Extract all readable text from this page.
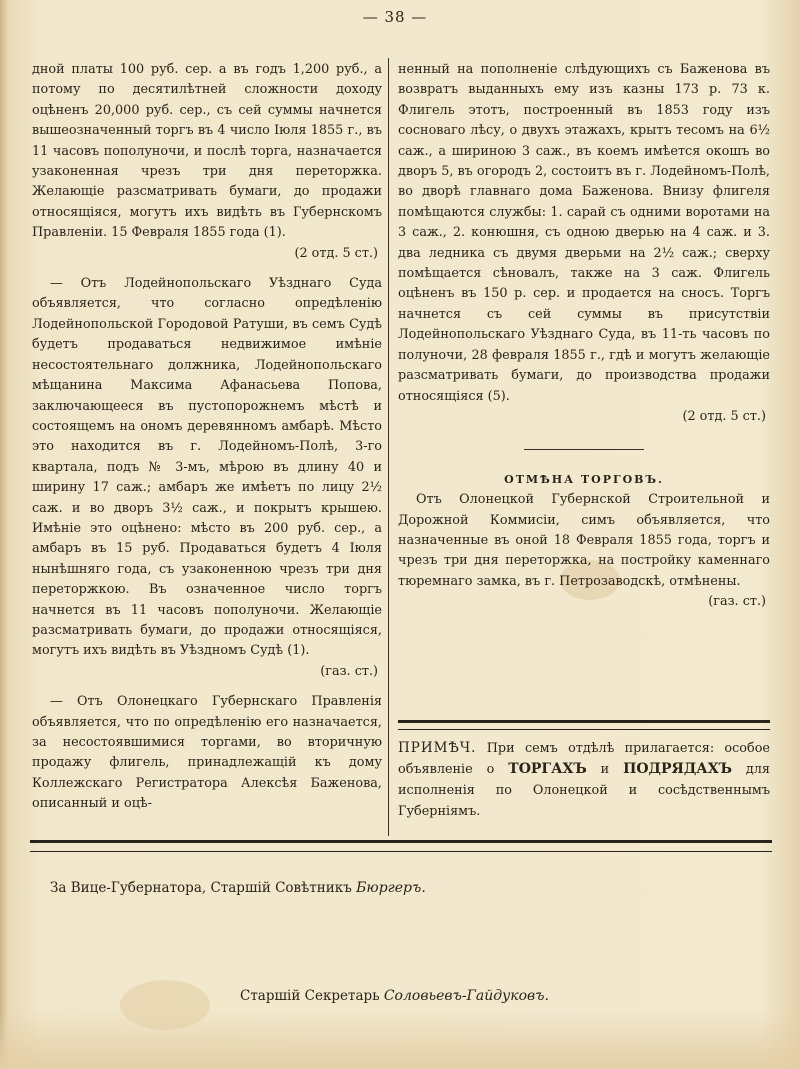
— 38 —

дной платы 100 руб. сер. а въ годъ 1,200 руб., а потому по десятилѣтней сложности доходу оцѣненъ 20,000 руб. сер., съ сей суммы начнется вышеозначенный торгъ въ 4 число Іюля 1855 г., въ 11 часовъ пополуночи, и послѣ торга, назначается узаконенная чрезъ три дня переторжка. Желающіе разсматривать бумаги, до продажи относящіяся, могутъ ихъ видѣть въ Губернскомъ Правленіи. 15 Февраля 1855 года (1).

(2 отд. 5 ст.)

— Отъ Лодейнопольскаго Уѣзднаго Суда объявляется, что согласно опредѣленію Лодейнопольской Городовой Ратуши, въ семъ Судѣ будетъ продаваться недвижимое имѣніе несостоятельнаго должника, Лодейнопольскаго мѣщанина Максима Афанасьева Попова, заключающееся въ пустопорожнемъ мѣстѣ и состоящемъ на ономъ деревянномъ амбарѣ. Мѣсто это находится въ г. Лодейномъ-Полѣ, 3-го квартала, подъ № 3-мъ, мѣрою въ длину 40 и ширину 17 саж.; амбаръ же имѣетъ по лицу 2½ саж. и во дворъ 3½ саж., и покрытъ крышею. Имѣніе это оцѣнено: мѣсто въ 200 руб. сер., а амбаръ въ 15 руб. Продаваться будетъ 4 Іюля нынѣшняго года, съ узаконенною чрезъ три дня переторжкою. Въ означенное число торгъ начнется въ 11 часовъ пополуночи. Желающіе разсматривать бумаги, до продажи относящіяся, могутъ ихъ видѣть въ Уѣздномъ Судѣ (1).

(газ. ст.)

— Отъ Олонецкаго Губернскаго Правленія объявляется, что по опредѣленію его назначается, за несостоявшимися торгами, во вторичную продажу флигель, принадлежащій къ дому Коллежскаго Регистратора Алексѣя Баженова, описанный и оцѣ-

ненный на пополненіе слѣдующихъ съ Баженова въ возвратъ выданныхъ ему изъ казны 173 р. 73 к. Флигель этотъ, построенный въ 1853 году изъ сосноваго лѣсу, о двухъ этажахъ, крытъ тесомъ на 6½ саж., а шириною 3 саж., въ коемъ имѣется окошъ во дворъ 5, въ огородъ 2, состоитъ въ г. Лодейномъ-Полѣ, во дворѣ главнаго дома Баженова. Внизу флигеля помѣщаются службы: 1. сарай съ одними воротами на 3 саж., 2. конюшня, съ одною дверью на 4 саж. и 3. два ледника съ двумя дверьми на 2½ саж.; сверху помѣщается сѣновалъ, также на 3 саж. Флигель оцѣненъ въ 150 р. сер. и продается на сносъ. Торгъ начнется съ сей суммы въ присутствіи Лодейнопольскаго Уѣзднаго Суда, въ 11-ть часовъ по полуночи, 28 февраля 1855 г., гдѣ и могутъ желающіе разсматривать бумаги, до производства продажи относящіяся (5).

(2 отд. 5 ст.)

ОТМѢНА ТОРГОВЪ.

Отъ Олонецкой Губернской Строительной и Дорожной Коммисіи, симъ объявляется, что назначенные въ оной 18 Февраля 1855 года, торгъ и чрезъ три дня переторжка, на постройку каменнаго тюремнаго замка, въ г. Петрозаводскѣ, отмѣнены.

(газ. ст.)

ПРИМѢЧ. При семъ отдѣлѣ прилагается: особое объявленіе о ТОРГАХЪ и ПОДРЯДАХЪ для исполненія по Олонецкой и сосѣдственнымъ Губерніямъ.
За Вице-Губернатора, Старшій Совѣтникъ Бюргеръ.
Старшій Секретарь Соловьевъ-Гайдуковъ.
